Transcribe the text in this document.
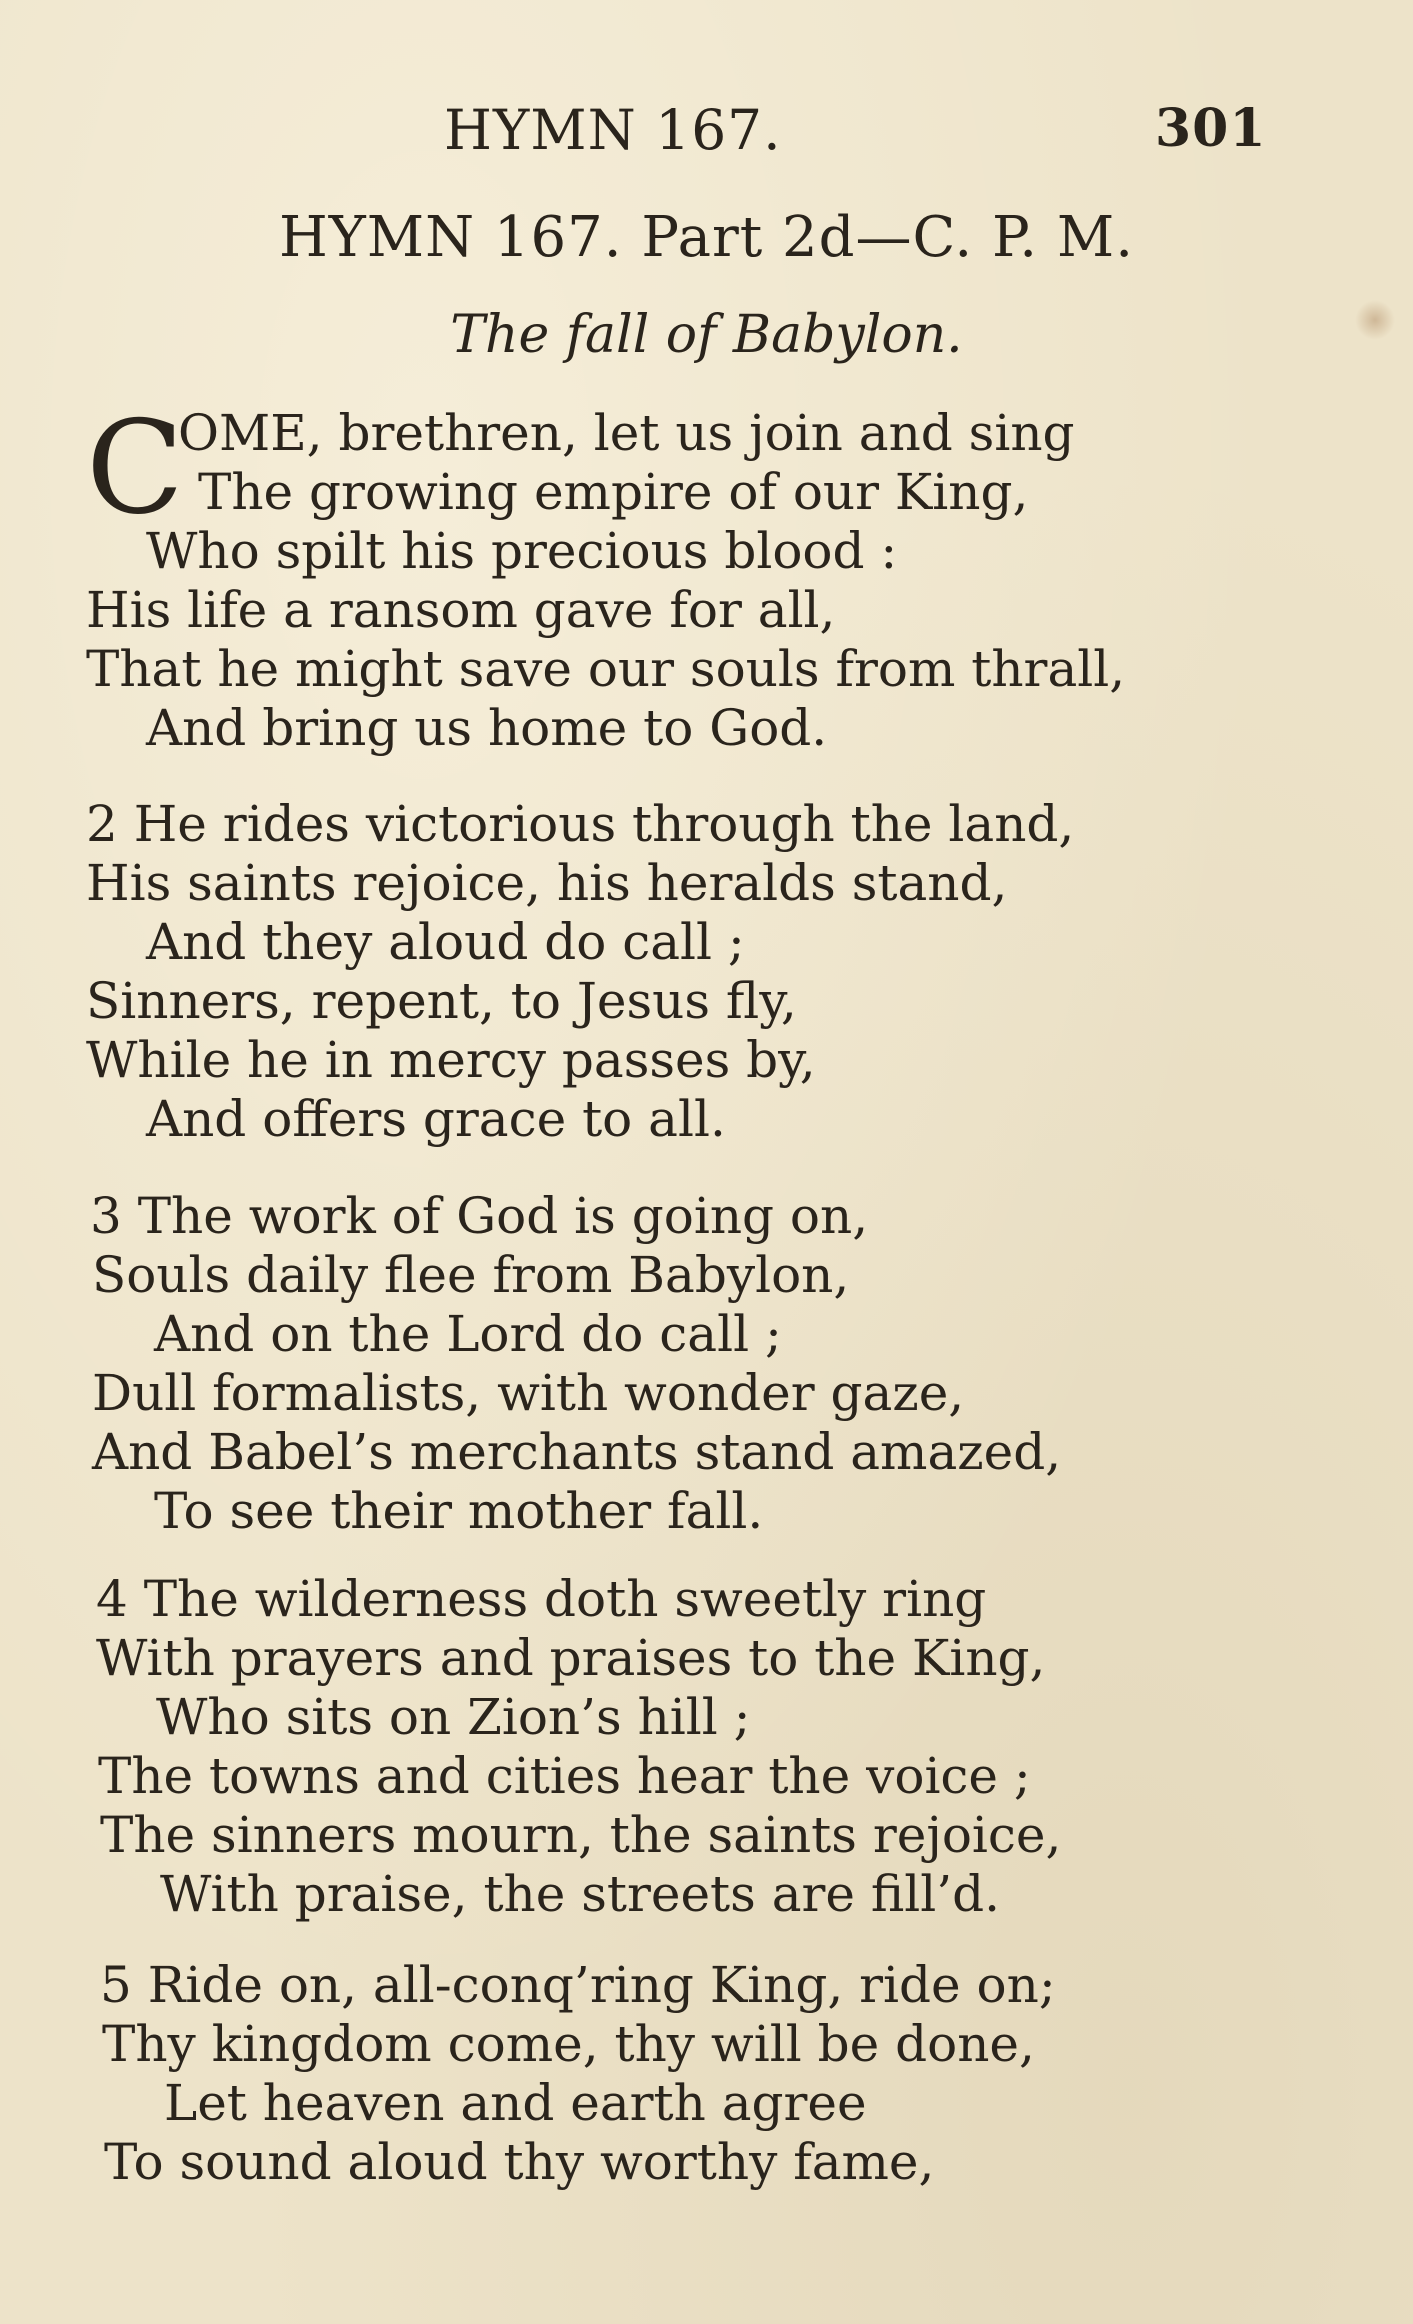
HYMN 167.	301
HYMN 167. Part 2d—C. P. M.
The fall of Babylon.
C
OME, brethren, let us join and sing
The growing empire of our King,
Who spilt his precious blood :
His life a ransom gave for all,
That he might save our souls from thrall,
And bring us home to God.
2 He rides victorious through the land,
His saints rejoice, his heralds stand,
And they aloud do call ;
Sinners, repent, to Jesus fly,
While he in mercy passes by,
And offers grace to all.
3 The work of God is going on,
Souls daily flee from Babylon,
And on the Lord do call ;
Dull formalists, with wonder gaze,
And Babel’s merchants stand amazed,
To see their mother fall.
4 The wilderness doth sweetly ring
With prayers and praises to the King,
Who sits on Zion’s hill ;
The towns and cities hear the voice ;
The sinners mourn, the saints rejoice,
With praise, the streets are fill’d.
5 Ride on, all-conq’ring King, ride on;
Thy kingdom come, thy will be done,
Let heaven and earth agree
To sound aloud thy worthy fame,
